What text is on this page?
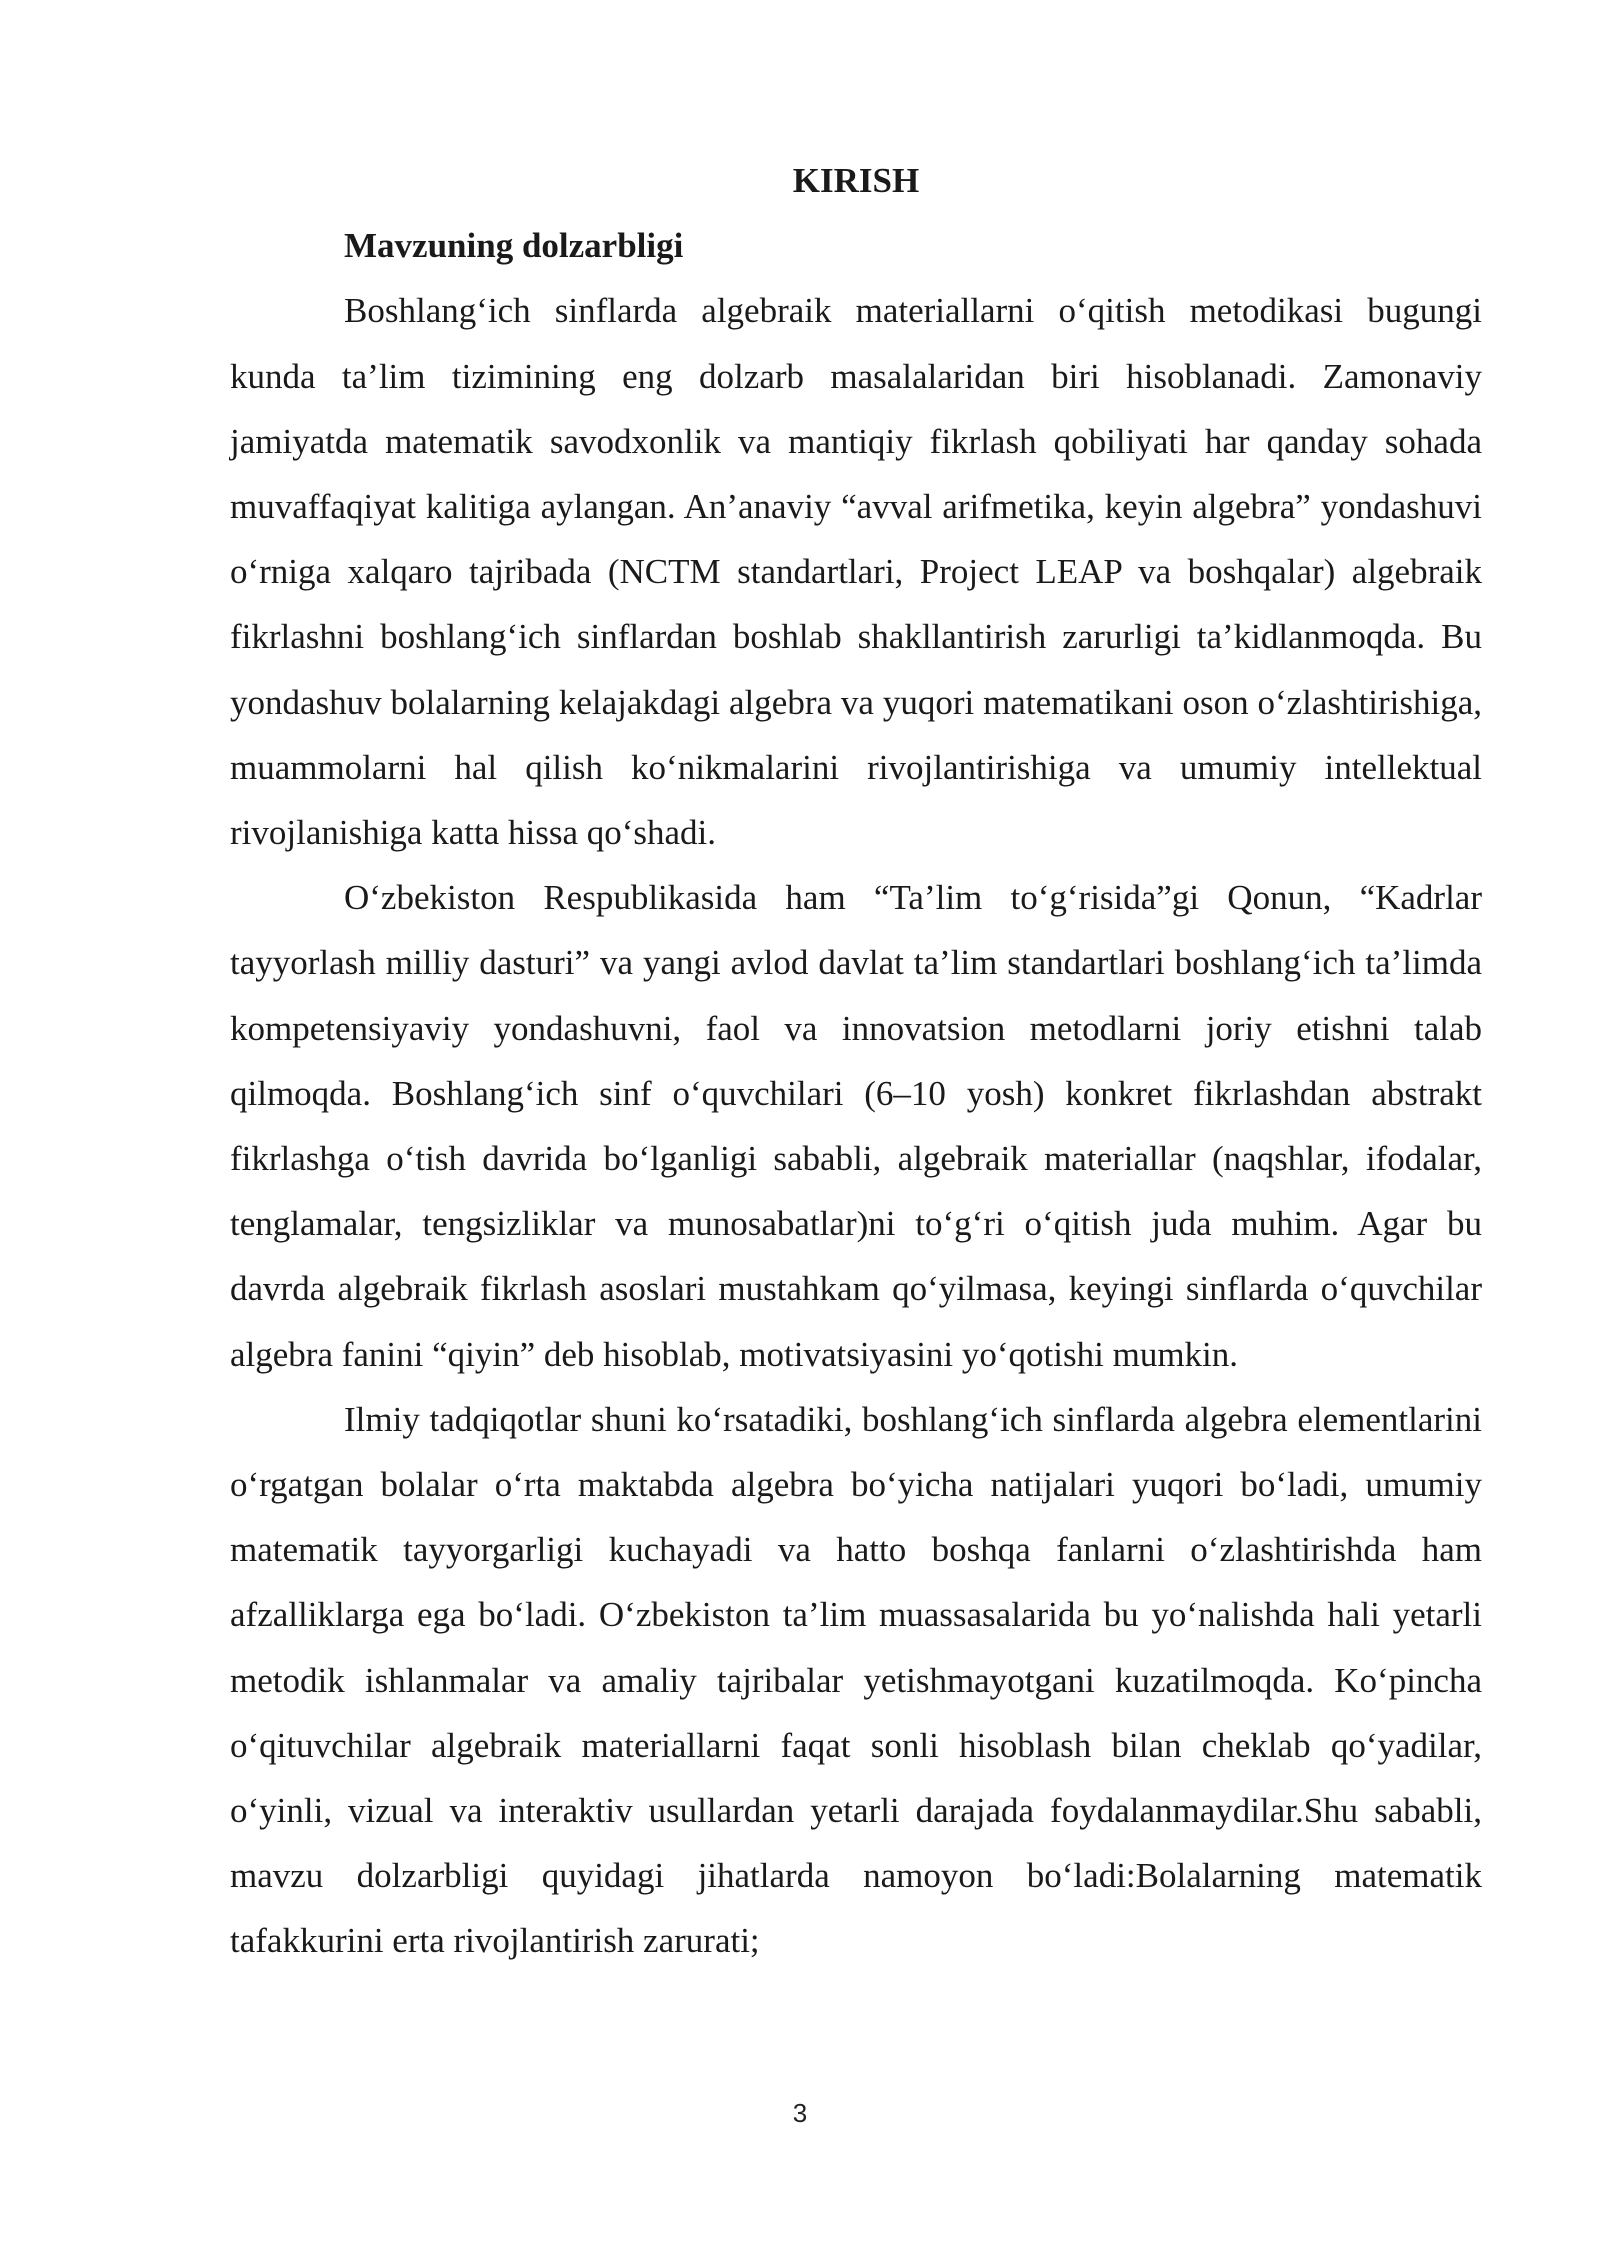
KIRISH

Mavzuning dolzarbligi

Boshlang‘ich sinflarda algebraik materiallarni o‘qitish metodikasi bugungi kunda ta’lim tizimining eng dolzarb masalalaridan biri hisoblanadi. Zamonaviy jamiyatda matematik savodxonlik va mantiqiy fikrlash qobiliyati har qanday sohada muvaffaqiyat kalitiga aylangan. An’anaviy “avval arifmetika, keyin algebra” yondashuvi o‘rniga xalqaro tajribada (NCTM standartlari, Project LEAP va boshqalar) algebraik fikrlashni boshlang‘ich sinflardan boshlab shakllantirish zarurligi ta’kidlanmoqda. Bu yondashuv bolalarning kelajakdagi algebra va yuqori matematikani oson o‘zlashtirishiga, muammolarni hal qilish ko‘nikmalarini rivojlantirishiga va umumiy intellektual rivojlanishiga katta hissa qo‘shadi.

O‘zbekiston Respublikasida ham “Ta’lim to‘g‘risida”gi Qonun, “Kadrlar tayyorlash milliy dasturi” va yangi avlod davlat ta’lim standartlari boshlang‘ich ta’limda kompetensiyaviy yondashuvni, faol va innovatsion metodlarni joriy etishni talab qilmoqda. Boshlang‘ich sinf o‘quvchilari (6–10 yosh) konkret fikrlashdan abstrakt fikrlashga o‘tish davrida bo‘lganligi sababli, algebraik materiallar (naqshlar, ifodalar, tenglamalar, tengsizliklar va munosabatlar)ni to‘g‘ri o‘qitish juda muhim. Agar bu davrda algebraik fikrlash asoslari mustahkam qo‘yilmasa, keyingi sinflarda o‘quvchilar algebra fanini “qiyin” deb hisoblab, motivatsiyasini yo‘qotishi mumkin.

Ilmiy tadqiqotlar shuni ko‘rsatadiki, boshlang‘ich sinflarda algebra elementlarini o‘rgatgan bolalar o‘rta maktabda algebra bo‘yicha natijalari yuqori bo‘ladi, umumiy matematik tayyorgarligi kuchayadi va hatto boshqa fanlarni o‘zlashtirishda ham afzalliklarga ega bo‘ladi. O‘zbekiston ta’lim muassasalarida bu yo‘nalishda hali yetarli metodik ishlanmalar va amaliy tajribalar yetishmayotgani kuzatilmoqda. Ko‘pincha o‘qituvchilar algebraik materiallarni faqat sonli hisoblash bilan cheklab qo‘yadilar, o‘yinli, vizual va interaktiv usullardan yetarli darajada foydalanmaydilar.Shu sababli, mavzu dolzarbligi quyidagi jihatlarda namoyon bo‘ladi:Bolalarning matematik tafakkurini erta rivojlantirish zarurati;

3
